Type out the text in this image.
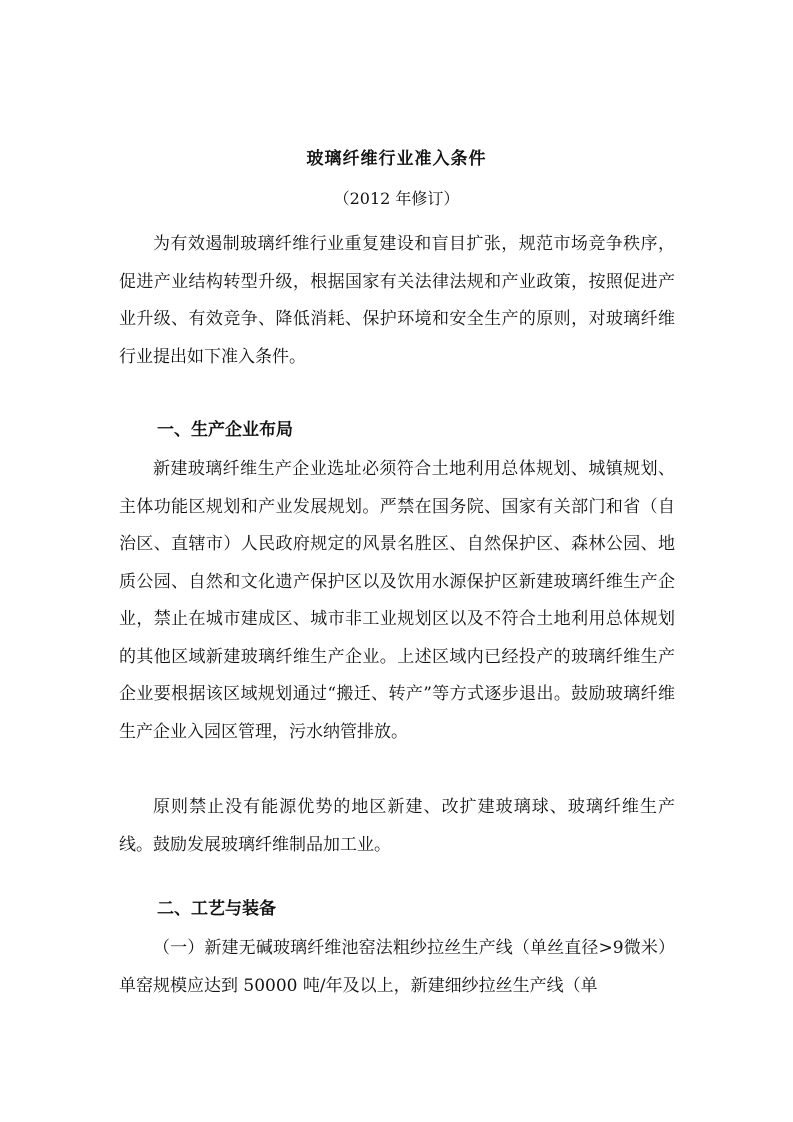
玻璃纤维行业准入条件
（2012 年修订）
为有效遏制玻璃纤维行业重复建设和盲目扩张，规范市场竞争秩序，促进产业结构转型升级，根据国家有关法律法规和产业政策，按照促进产业升级、有效竞争、降低消耗、保护环境和安全生产的原则，对玻璃纤维行业提出如下准入条件。
一、生产企业布局
新建玻璃纤维生产企业选址必须符合土地利用总体规划、城镇规划、主体功能区规划和产业发展规划。严禁在国务院、国家有关部门和省（自治区、直辖市）人民政府规定的风景名胜区、自然保护区、森林公园、地质公园、自然和文化遗产保护区以及饮用水源保护区新建玻璃纤维生产企业，禁止在城市建成区、城市非工业规划区以及不符合土地利用总体规划的其他区域新建玻璃纤维生产企业。上述区域内已经投产的玻璃纤维生产企业要根据该区域规划通过“搬迁、转产”等方式逐步退出。鼓励玻璃纤维生产企业入园区管理，污水纳管排放。
原则禁止没有能源优势的地区新建、改扩建玻璃球、玻璃纤维生产线。鼓励发展玻璃纤维制品加工业。
二、工艺与装备
（一）新建无碱玻璃纤维池窑法粗纱拉丝生产线（单丝直径>9微米）单窑规模应达到 50000 吨/年及以上，新建细纱拉丝生产线（单
